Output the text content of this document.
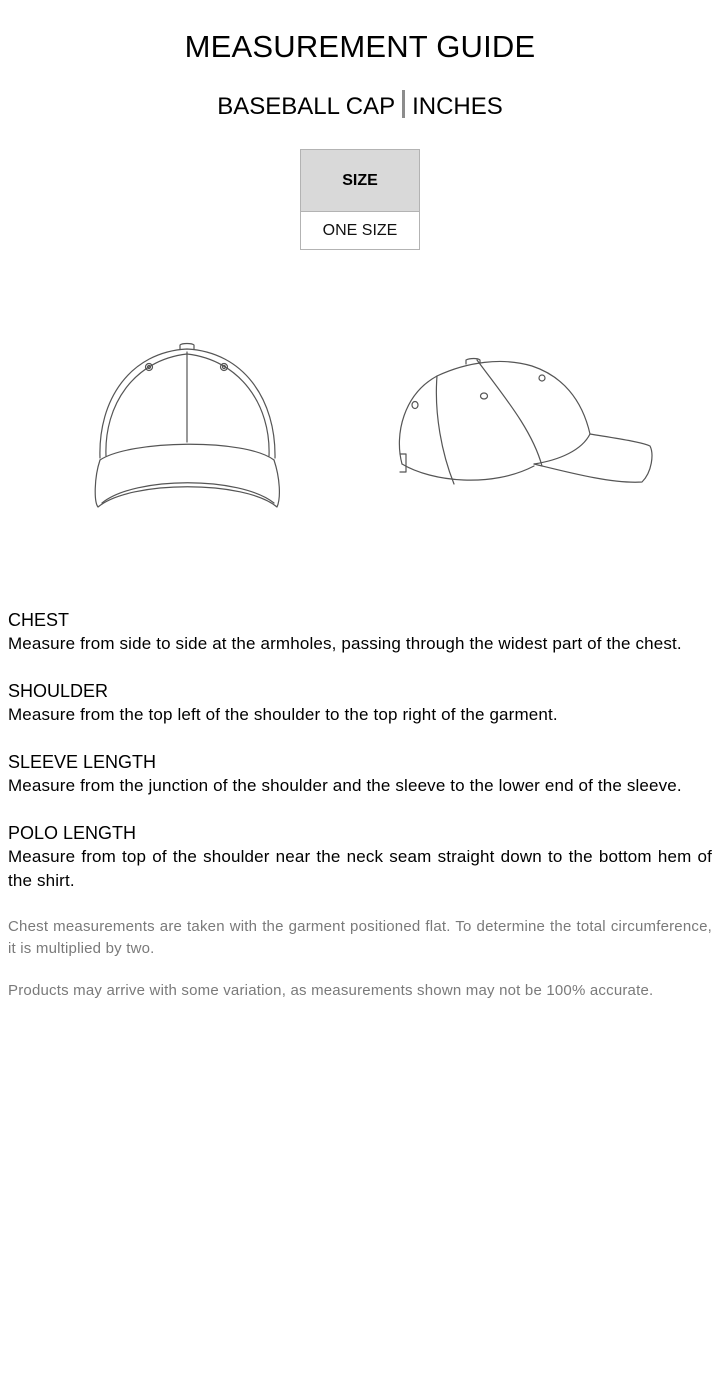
MEASUREMENT GUIDE
BASEBALL CAP INCHES
SIZE
ONE SIZE
CHEST

Measure from side to side at the armholes, passing through the widest part of the chest.

SHOULDER

Measure from the top left of the shoulder to the top right of the garment.

SLEEVE LENGTH

Measure from the junction of the shoulder and the sleeve to the lower end of the sleeve.

POLO LENGTH

Measure from top of the shoulder near the neck seam straight down to the bottom hem of the shirt.

Chest measurements are taken with the garment positioned flat. To determine the total circumference, it is multiplied by two.

Products may arrive with some variation, as measurements shown may not be 100% accurate.
